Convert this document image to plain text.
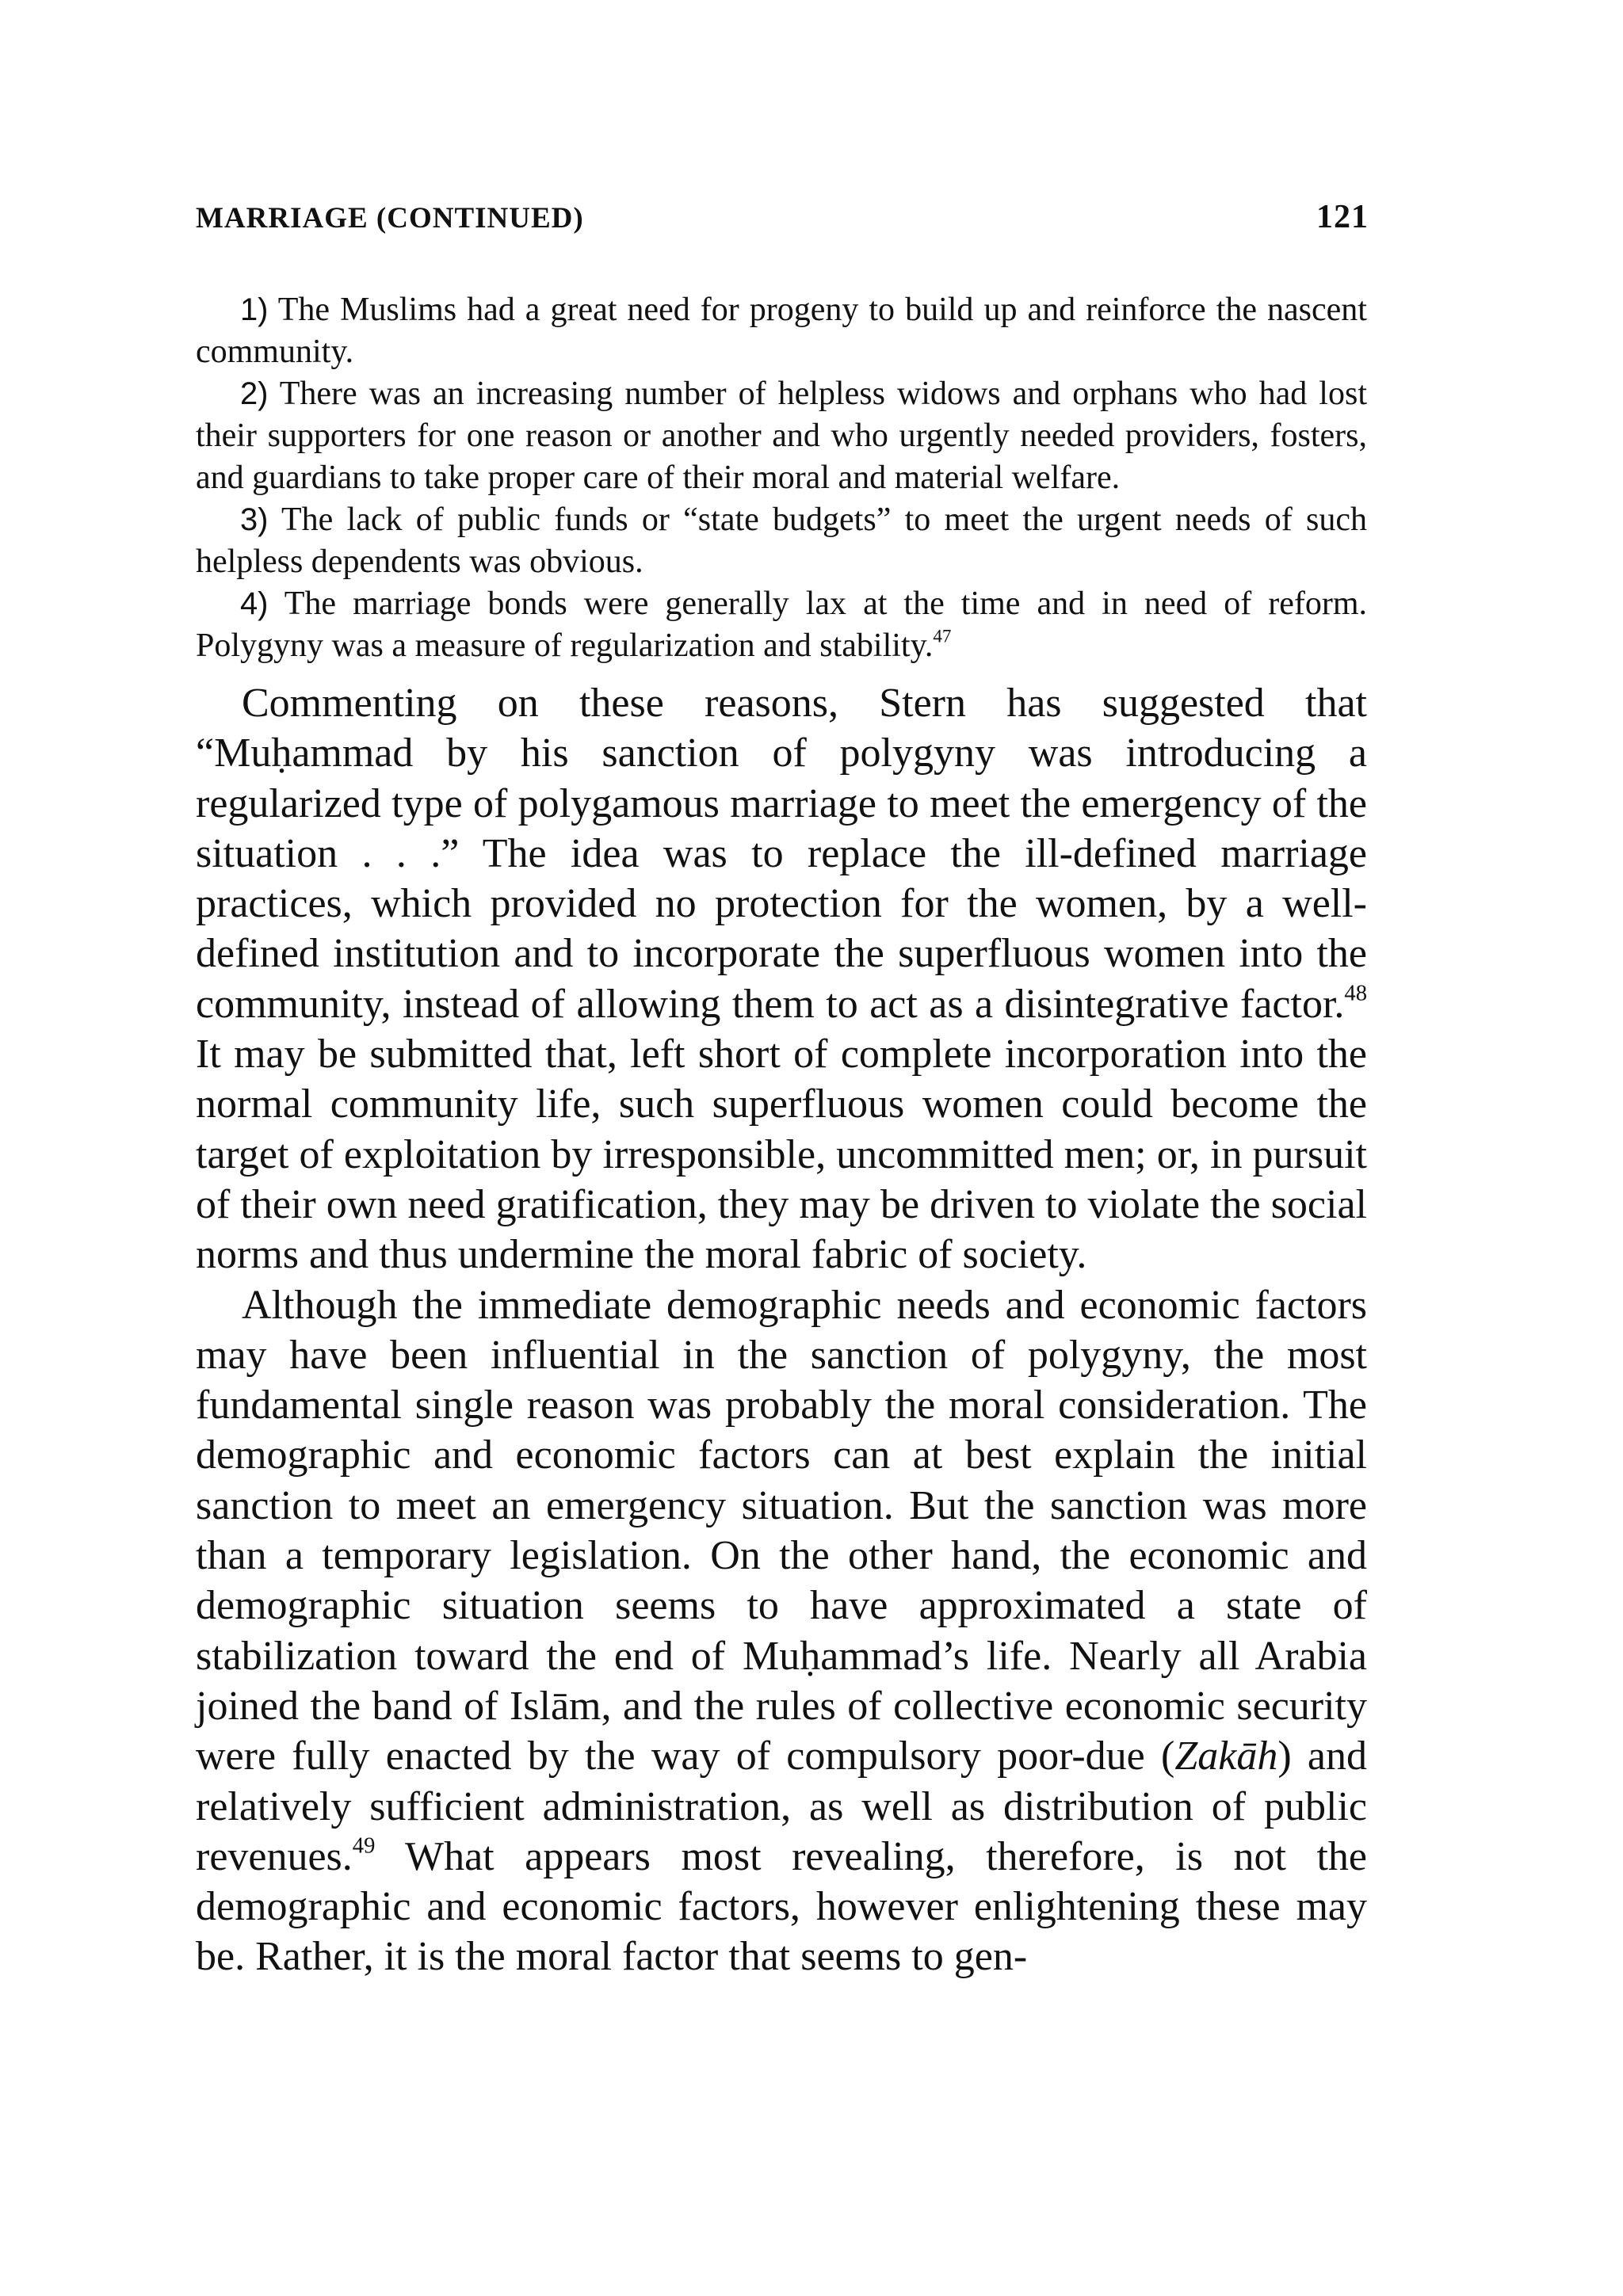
MARRIAGE (CONTINUED)	121

1) The Muslims had a great need for progeny to build up and reinforce the nascent community.

2) There was an increasing number of helpless widows and orphans who had lost their supporters for one reason or another and who urgently needed providers, fosters, and guardians to take proper care of their moral and material welfare.

3) The lack of public funds or “state budgets” to meet the urgent needs of such helpless dependents was obvious.

4) The marriage bonds were generally lax at the time and in need of reform. Polygyny was a measure of regularization and stability.$^{47}$

Commenting on these reasons, Stern has suggested that “Muḥammad by his sanction of polygyny was introducing a regularized type of polygamous marriage to meet the emergency of the situation . . .” The idea was to replace the ill-defined marriage practices, which provided no protection for the women, by a well-defined institution and to incorporate the superfluous women into the community, instead of allowing them to act as a disintegrative factor.$^{48}$ It may be submitted that, left short of complete incorporation into the normal community life, such superfluous women could become the target of exploitation by irresponsible, uncommitted men; or, in pursuit of their own need gratification, they may be driven to violate the social norms and thus undermine the moral fabric of society.

Although the immediate demographic needs and economic factors may have been influential in the sanction of polygyny, the most fundamental single reason was probably the moral consideration. The demographic and economic factors can at best explain the initial sanction to meet an emergency situation. But the sanction was more than a temporary legislation. On the other hand, the economic and demographic situation seems to have approximated a state of stabilization toward the end of Muḥammad’s life. Nearly all Arabia joined the band of Islām, and the rules of collective economic security were fully enacted by the way of compulsory poor-due (Zakāh) and relatively sufficient administration, as well as distribution of public revenues.$^{49}$ What appears most revealing, therefore, is not the demographic and economic factors, however enlightening these may be. Rather, it is the moral factor that seems to gen-
